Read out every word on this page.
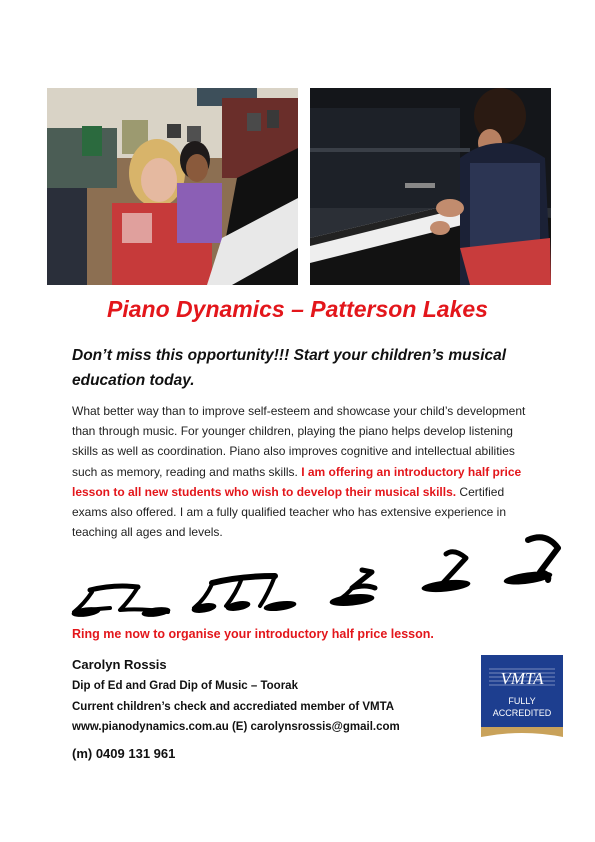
Piano Dynamics – Patterson Lakes

Don’t miss this opportunity!!! Start your children’s musical education today.

What better way than to improve self-esteem and showcase your child’s development than through music. For younger children, playing the piano helps develop listening skills as well as coordination. Piano also improves cognitive and intellectual abilities such as memory, reading and maths skills. I am offering an introductory half price lesson to all new students who wish to develop their musical skills. Certified exams also offered. I am a fully qualified teacher who has extensive experience in teaching all ages and levels.

Ring me now to organise your introductory half price lesson.

Carolyn Rossis

Dip of Ed and Grad Dip of Music – Toorak

Current children’s check and accrediated member of VMTA

www.pianodynamics.com.au (E) carolynsrossis@gmail.com

(m) 0409 131 961

VMTA
FULLY
ACCREDITED
